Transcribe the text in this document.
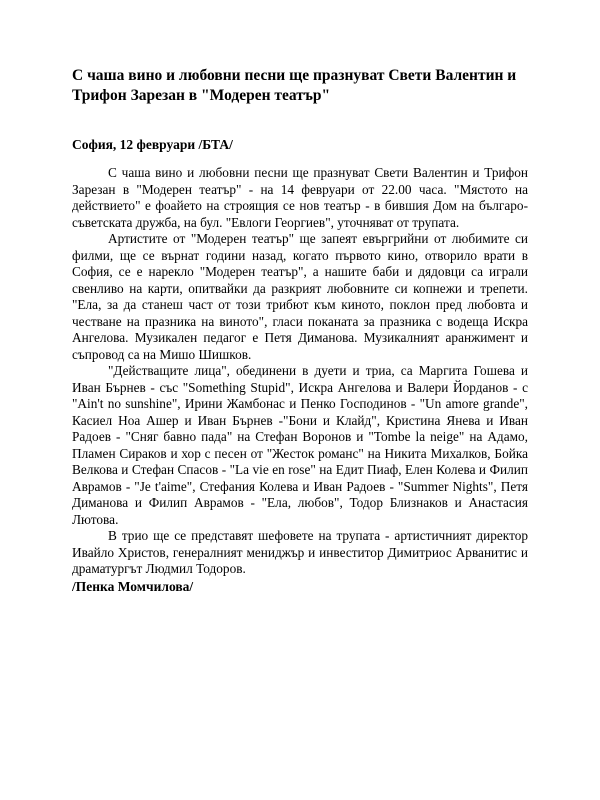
С чаша вино и любовни песни ще празнуват Свети Валентин и Трифон Зарезан в "Модерен театър"

София, 12 февруари /БТА/

С чаша вино и любовни песни ще празнуват Свети Валентин и Трифон Зарезан в "Модерен театър" - на 14 февруари от 22.00 часа. "Мястото на действието" е фоайето на строящия се нов театър - в бившия Дом на българо-съветската дружба, на бул. "Евлоги Георгиев", уточняват от трупата.

Артистите от "Модерен театър" ще запеят евъргрийни от любимите си филми, ще се върнат години назад, когато първото кино, отворило врати в София, се е нарекло "Модерен театър", а нашите баби и дядовци са играли свенливо на карти, опитвайки да разкрият любовните си копнежи и трепети. "Ела, за да станеш част от този трибют към киното, поклон пред любовта и честване на празника на виното", гласи поканата за празника с водеща Искра Ангелова. Музикален педагог е Петя Диманова. Музикалният аранжимент и съпровод са на Мишо Шишков.

"Действащите лица", обединени в дуети и триа, са Маргита Гошева и Иван Бърнев - със "Something Stupid", Искра Ангелова и Валери Йорданов - с "Ain't no sunshine", Ирини Жамбонас и Пенко Господинов - "Un amore grande", Касиел Ноа Ашер и Иван Бърнев -"Бони и Клайд", Кристина Янева и Иван Радоев - "Сняг бавно пада" на Стефан Воронов и "Tombe la neige" на Адамо, Пламен Сираков и хор с песен от "Жесток романс" на Никита Михалков, Бойка Велкова и Стефан Спасов - "La vie en rose" на Едит Пиаф, Елен Колева и Филип Аврамов - "Je t'aime", Стефания Колева и Иван Радоев - "Summer Nights", Петя Диманова и Филип Аврамов - "Ела, любов", Тодор Близнаков и Анастасия Лютова.

В трио ще се представят шефовете на трупата - артистичният директор Ивайло Христов, генералният мениджър и инвеститор Димитриос Арванитис и драматургът Людмил Тодоров.

/Пенка Момчилова/
